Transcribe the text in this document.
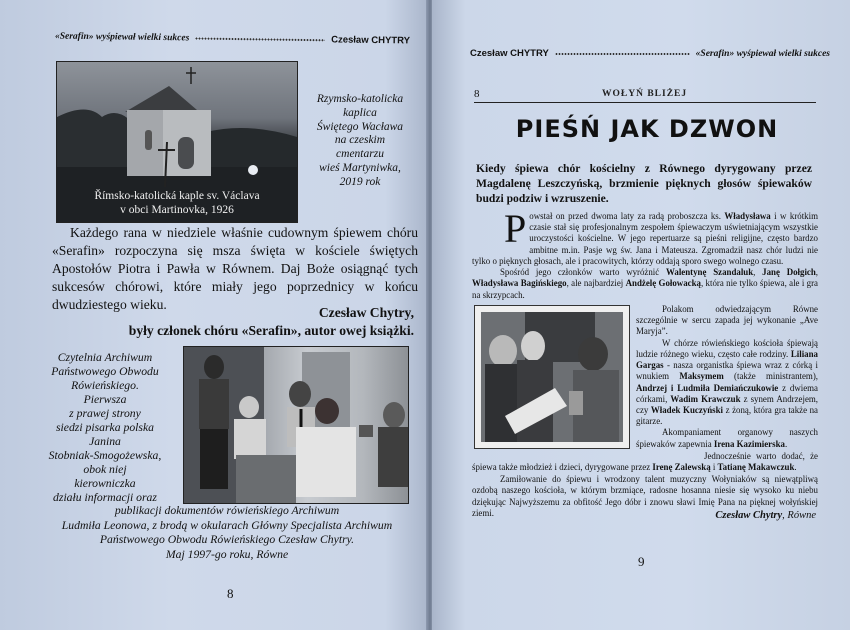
«Serafin» wyśpiewał wielki sukces	Czesław CHYTRY
Římsko-katolická kaple sv. Václava
v obci Martinovka, 1926
Rzymsko-katolicka
kaplica
Świętego Wacława
na czeskim
cmentarzu
wieś Martyniwka,
2019 rok
Każdego rana w niedziele właśnie cudownym śpiewem chóru «Serafin» rozpoczyna się msza święta w kościele świętych Apostołów Piotra i Pawła w Równem. Daj Boże osiągnąć tych sukcesów chórowi, które miały jego poprzednicy w końcu dwudziestego wieku.
Czesław Chytry,
były członek chóru «Serafin», autor owej książki.
Czytelnia Archiwum
Państwowego Obwodu
Rówieńskiego.
Pierwsza
z prawej strony
siedzi pisarka polska
Janina
Stobniak-Smogożewska,
obok niej
kierowniczka
działu informacji oraz
publikacji dokumentów rówieńskiego Archiwum
Ludmiła Leonowa, z brodą w okularach Główny Specjalista Archiwum
Państwowego Obwodu Rówieńskiego Czesław Chytry.
Maj 1997-go roku, Równe
8
Czesław CHYTRY	«Serafin» wyśpiewał wielki sukces
8	WOŁYŃ BLIŻEJ
PIEŚŃ JAK DZWON
Kiedy śpiewa chór kościelny z Równego dyrygowany przez Magdalenę Leszczyńską, brzmienie pięknych głosów śpiewaków budzi podziw i wzruszenie.
Powstał on przed dwoma laty za radą proboszcza ks. Władysława i w krótkim czasie stał się profesjonalnym zespołem śpiewaczym uświetniającym wszystkie uroczystości kościelne. W jego repertuarze są pieśni religijne, często bardzo ambitne m.in. Pasje wg św. Jana i Mateusza. Zgromadził nasz chór ludzi nie tylko o pięknych głosach, ale i pracowitych, którzy oddają sporo swego wolnego czasu.
Spośród jego członków warto wyróżnić Walentynę Szandaluk, Janę Dołgich, Władysława Bagińskiego, ale najbardziej Andżelę Gołowacką, która nie tylko śpiewa, ale i gra na skrzypcach.
Polakom odwiedzającym Równe szczególnie w sercu zapada jej wykonanie „Ave Maryja”.
W chórze rówieńskiego kościoła śpiewają ludzie różnego wieku, często całe rodziny. Liliana Gargas - nasza organistka śpiewa wraz z córką i wnukiem Maksymem (także ministrantem), Andrzej i Ludmiła Demiańczukowie z dwiema córkami, Wadim Krawczuk z synem Andrzejem, czy Władek Kuczyński z żoną, która gra także na gitarze.
Akompaniament organowy naszych śpiewaków zapewnia Irena Kazimierska.
Jednocześnie warto dodać, że śpiewa także młodzież i dzieci, dyrygowane przez Irenę Zalewską i Tatianę Makawczuk.
Zamiłowanie do śpiewu i wrodzony talent muzyczny Wołyniaków są niewątpliwą ozdobą naszego kościoła, w którym brzmiące, radosne hosanna niesie się wysoko ku niebu dziękując Najwyższemu za obfitość Jego dóbr i znowu sławi Imię Pana na pięknej wołyńskiej ziemi.	Czesław Chytry, Równe
9
